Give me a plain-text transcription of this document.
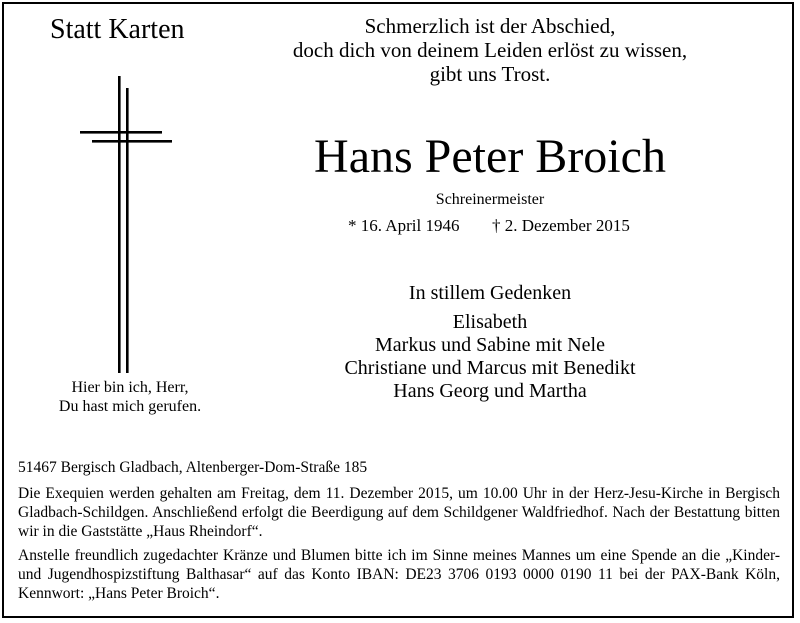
Statt Karten	Schmerzlich ist der Abschied,
doch dich von deinem Leiden erlöst zu wissen,
gibt uns Trost.
Hans Peter Broich
Schreinermeister
* 16. April 1946 † 2. Dezember 2015
In stillem Gedenken
Elisabeth
Markus und Sabine mit Nele
Christiane und Marcus mit Benedikt
Hans Georg und Martha
Hier bin ich, Herr,
Du hast mich gerufen.

51467 Bergisch Gladbach, Altenberger-Dom-Straße 185

Die Exequien werden gehalten am Freitag, dem 11. Dezember 2015, um 10.00 Uhr in der Herz-Jesu-Kirche in Bergisch Gladbach-Schildgen. Anschließend erfolgt die Beerdigung auf dem Schildgener Waldfriedhof. Nach der Bestattung bitten wir in die Gaststätte „Haus Rheindorf“.

Anstelle freundlich zugedachter Kränze und Blumen bitte ich im Sinne meines Mannes um eine Spende an die „Kinder- und Jugendhospizstiftung Balthasar“ auf das Konto IBAN: DE23 3706 0193 0000 0190 11 bei der PAX-Bank Köln, Kennwort: „Hans Peter Broich“.
